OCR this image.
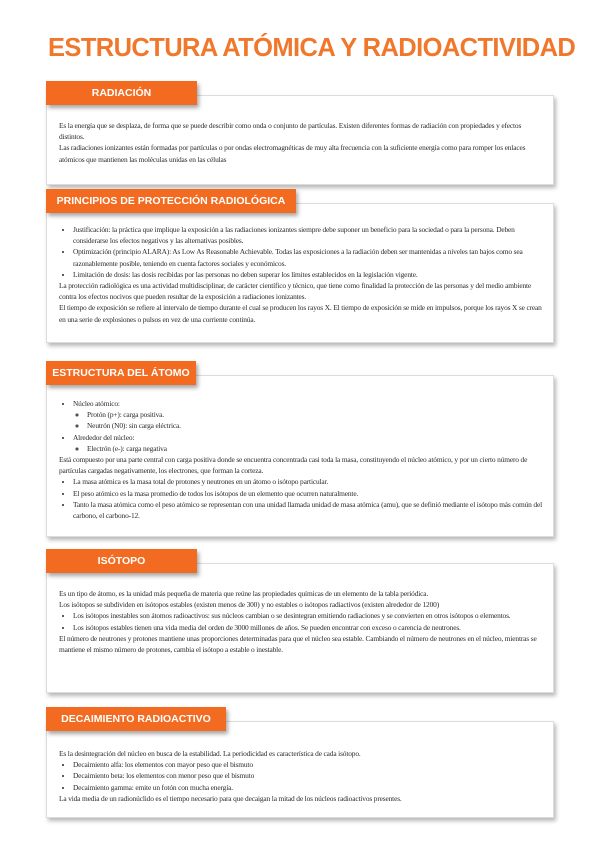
ESTRUCTURA ATÓMICA Y RADIOACTIVIDAD
RADIACIÓN

Es la energía que se desplaza, de forma que se puede describir como onda o conjunto de partículas. Existen diferentes formas de radiación con propiedades y efectos distintos.

Las radiaciones ionizantes están formadas por partículas o por ondas electromagnéticas de muy alta frecuencia con la suficiente energía como para romper los enlaces atómicos que mantienen las moléculas unidas en las células

PRINCIPIOS DE PROTECCIÓN RADIOLÓGICA
• Justificación: la práctica que implique la exposición a las radiaciones ionizantes siempre debe suponer un beneficio para la sociedad o para la persona. Deben considerarse los efectos negativos y las alternativas posibles.
• Optimización (principio ALARA): As Low As Reasonable Achievable. Todas las exposiciones a la radiación deben ser mantenidas a niveles tan bajos como sea razonablemente posible, teniendo en cuenta factores sociales y económicos.
• Limitación de dosis: las dosis recibidas por las personas no deben superar los límites establecidos en la legislación vigente.

La protección radiológica es una actividad multidisciplinar, de carácter científico y técnico, que tiene como finalidad la protección de las personas y del medio ambiente contra los efectos nocivos que pueden resultar de la exposición a radiaciones ionizantes.

El tiempo de exposición se refiere al intervalo de tiempo durante el cual se producen los rayos X. El tiempo de exposición se mide en impulsos, porque los rayos X se crean en una serie de explosiones o pulsos en vez de una corriente continúa.

ESTRUCTURA DEL ÁTOMO
• Núcleo atómico:
◦ Protón (p+): carga positiva.
◦ Neutrón (N0): sin carga eléctrica.
• Alrededor del núcleo:
◦ Electrón (e-): carga negativa

Está compuesto por una parte central con carga positiva donde se encuentra concentrada casi toda la masa, constituyendo el núcleo atómico, y por un cierto número de partículas cargadas negativamente, los electrones, que forman la corteza.

• La masa atómica es la masa total de protones y neutrones en un átomo o isótopo particular.
• El peso atómico es la masa promedio de todos los isótopos de un elemento que ocurren naturalmente.
• Tanto la masa atómica como el peso atómico se representan con una unidad llamada unidad de masa atómica (amu), que se definió mediante el isótopo más común del carbono, el carbono-12.
ISÓTOPO

Es un tipo de átomo, es la unidad más pequeña de materia que reúne las propiedades químicas de un elemento de la tabla periódica.

Los isótopos se subdividen en isótopos estables (existen menos de 300) y no estables o isótopos radiactivos (existen alrededor de 1200)

• Los isótopos inestables son átomos radioactivos: sus núcleos cambian o se desintegran emitiendo radiaciones y se convierten en otros isótopos o elementos.
• Los isótopos estables tienen una vida media del orden de 3000 millones de años. Se pueden encontrar con exceso o carencia de neutrones.

El número de neutrones y protones mantiene unas proporciones determinadas para que el núcleo sea estable. Cambiando el número de neutrones en el núcleo, mientras se mantiene el mismo número de protones, cambia el isótopo a estable o inestable.

DECAIMIENTO RADIOACTIVO

Es la desintegración del núcleo en busca de la estabilidad. La periodicidad es característica de cada isótopo.

• Decaimiento alfa: los elementos con mayor peso que el bismuto
• Decaimiento beta: los elementos con menor peso que el bismuto
• Decaimiento gamma: emite un fotón con mucha energía.

La vida media de un radionúclido es el tiempo necesario para que decaigan la mitad de los núcleos radioactivos presentes.
